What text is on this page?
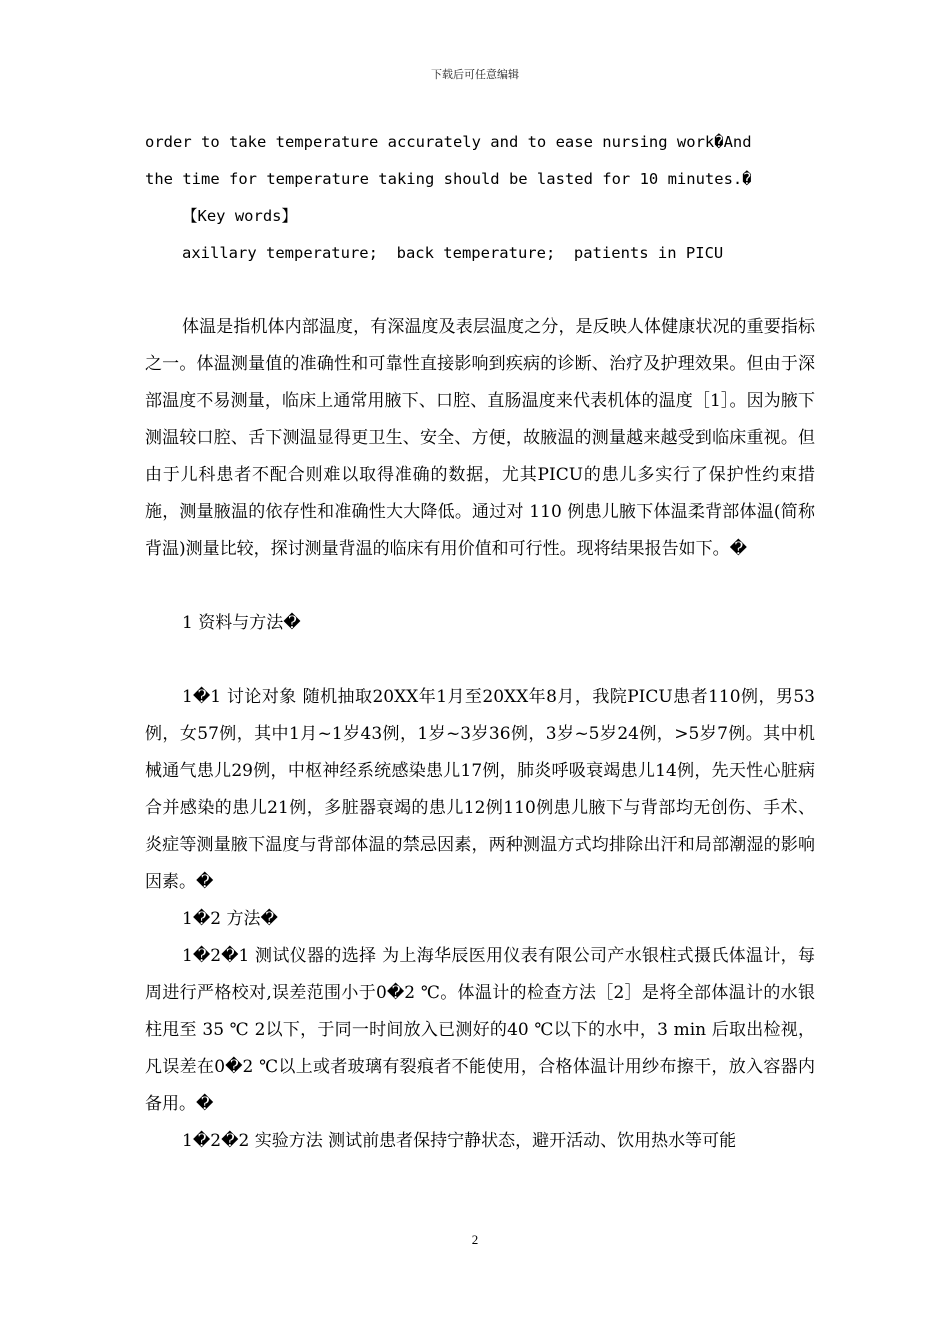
下载后可任意编辑

order to take temperature accurately and to ease nursing work�And

the time for temperature taking should be lasted for 10 minutes.�

【Key words】

axillary temperature;  back temperature;  patients in PICU

体温是指机体内部温度，有深温度及表层温度之分，是反映人体健康状况的重要指标之一。体温测量值的准确性和可靠性直接影响到疾病的诊断、治疗及护理效果。但由于深部温度不易测量，临床上通常用腋下、口腔、直肠温度来代表机体的温度［1］。因为腋下测温较口腔、舌下测温显得更卫生、安全、方便，故腋温的测量越来越受到临床重视。但由于儿科患者不配合则难以取得准确的数据，尤其PICU的患儿多实行了保护性约束措施，测量腋温的依存性和准确性大大降低。通过对 110 例患儿腋下体温柔背部体温(简称背温)测量比较，探讨测量背温的临床有用价值和可行性。现将结果报告如下。�

1 资料与方法�

1�1 讨论对象 随机抽取20XX年1月至20XX年8月，我院PICU患者110例，男53例，女57例，其中1月~1岁43例，1岁~3岁36例，3岁~5岁24例，>5岁7例。其中机械通气患儿29例，中枢神经系统感染患儿17例，肺炎呼吸衰竭患儿14例，先天性心脏病合并感染的患儿21例，多脏器衰竭的患儿12例110例患儿腋下与背部均无创伤、手术、炎症等测量腋下温度与背部体温的禁忌因素，两种测温方式均排除出汗和局部潮湿的影响因素。�

1�2 方法�

1�2�1 测试仪器的选择 为上海华辰医用仪表有限公司产水银柱式摄氏体温计，每周进行严格校对,误差范围小于0�2 ℃。体温计的检查方法［2］是将全部体温计的水银柱甩至 35 ℃ 2以下，于同一时间放入已测好的40 ℃以下的水中，3 min 后取出检视，凡误差在0�2 ℃以上或者玻璃有裂痕者不能使用，合格体温计用纱布擦干，放入容器内备用。�

1�2�2 实验方法 测试前患者保持宁静状态，避开活动、饮用热水等可能

2
